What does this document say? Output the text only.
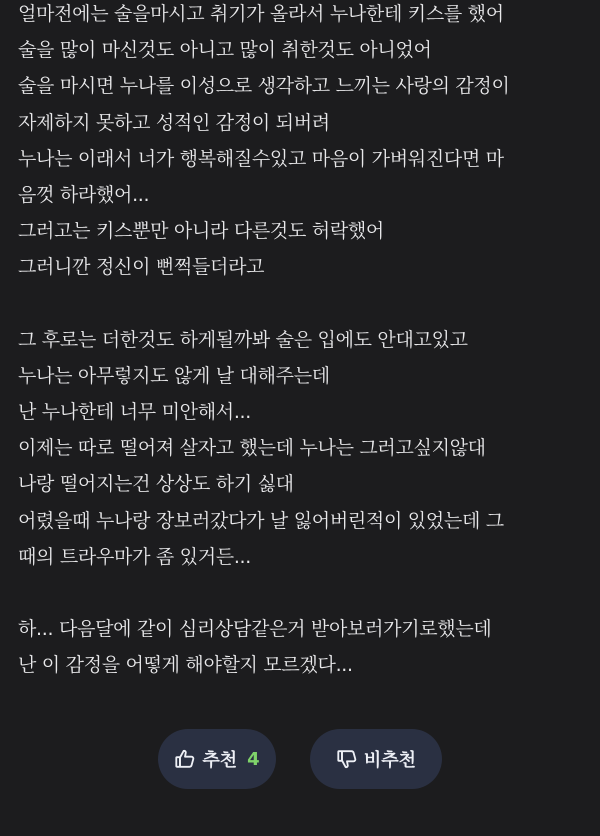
얼마전에는 술을마시고 취기가 올라서 누나한테 키스를 했어
술을 많이 마신것도 아니고 많이 취한것도 아니었어
술을 마시면 누나를 이성으로 생각하고 느끼는 사랑의 감정이
자제하지 못하고 성적인 감정이 되버려
누나는 이래서 너가 행복해질수있고 마음이 가벼워진다면 마
음껏 하라했어...
그러고는 키스뿐만 아니라 다른것도 허락했어
그러니깐 정신이 뻔쩍들더라고
그 후로는 더한것도 하게될까봐 술은 입에도 안대고있고
누나는 아무렇지도 않게 날 대해주는데
난 누나한테 너무 미안해서...
이제는 따로 떨어져 살자고 했는데 누나는 그러고싶지않대
나랑 떨어지는건 상상도 하기 싫대
어렸을때 누나랑 장보러갔다가 날 잃어버린적이 있었는데 그
때의 트라우마가 좀 있거든...
하... 다음달에 같이 심리상담같은거 받아보러가기로했는데
난 이 감정을 어떻게 해야할지 모르겠다...
추천 4	비추천
